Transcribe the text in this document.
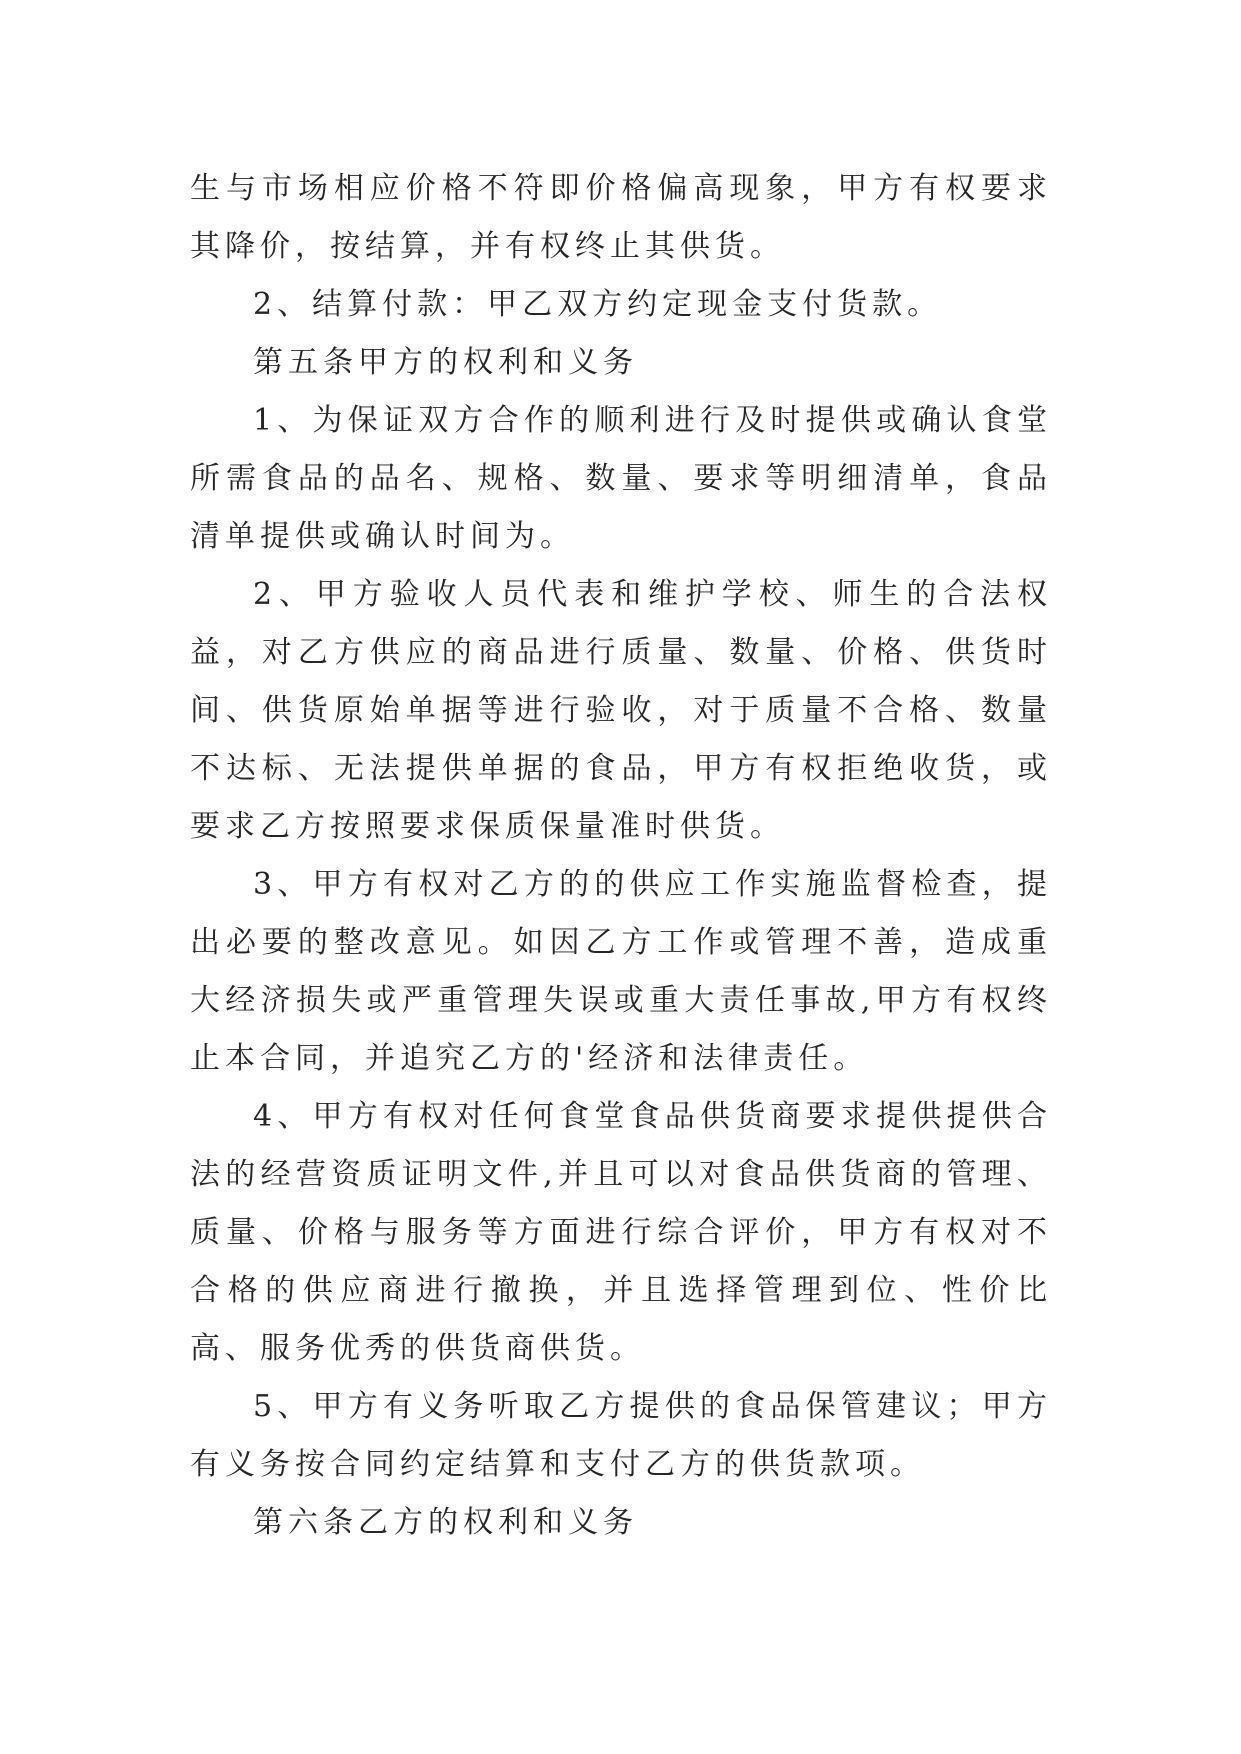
生与市场相应价格不符即价格偏高现象，甲方有权要求其降价，按结算，并有权终止其供货。

2、结算付款：甲乙双方约定现金支付货款。

第五条甲方的权利和义务

1、为保证双方合作的顺利进行及时提供或确认食堂所需食品的品名、规格、数量、要求等明细清单，食品清单提供或确认时间为。

2、甲方验收人员代表和维护学校、师生的合法权益，对乙方供应的商品进行质量、数量、价格、供货时间、供货原始单据等进行验收，对于质量不合格、数量不达标、无法提供单据的食品，甲方有权拒绝收货，或要求乙方按照要求保质保量准时供货。

3、甲方有权对乙方的的供应工作实施监督检查，提出必要的整改意见。如因乙方工作或管理不善，造成重大经济损失或严重管理失误或重大责任事故,甲方有权终止本合同，并追究乙方的'经济和法律责任。

4、甲方有权对任何食堂食品供货商要求提供提供合法的经营资质证明文件,并且可以对食品供货商的管理、质量、价格与服务等方面进行综合评价，甲方有权对不合格的供应商进行撤换，并且选择管理到位、性价比高、服务优秀的供货商供货。

5、甲方有义务听取乙方提供的食品保管建议；甲方有义务按合同约定结算和支付乙方的供货款项。

第六条乙方的权利和义务
